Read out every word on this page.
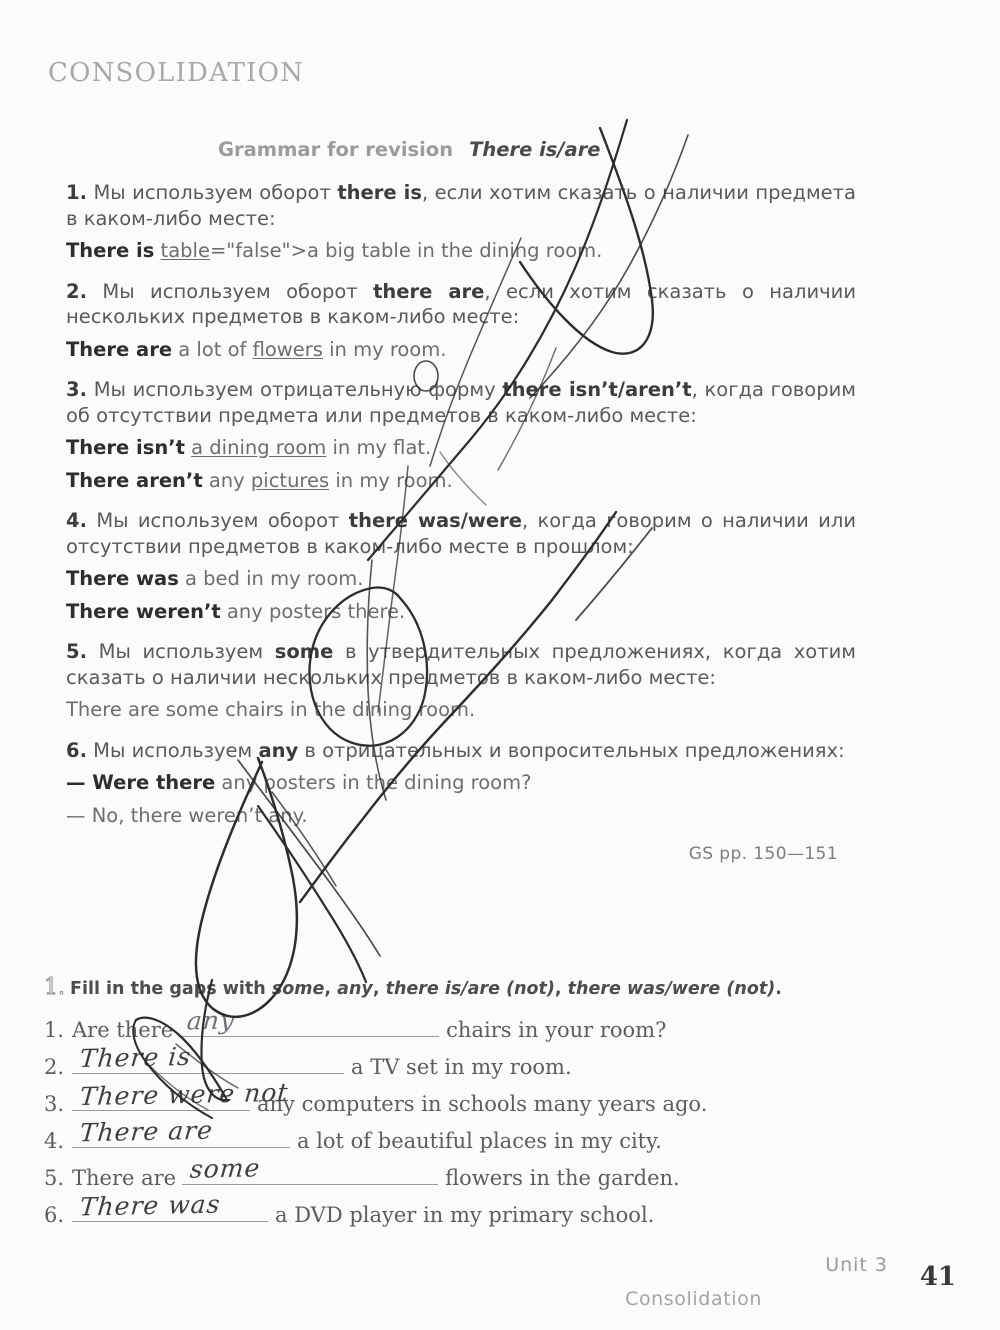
CONSOLIDATION
Grammar for revision There is/are

1. Мы используем оборот there is, если хотим сказать о наличии предмета в каком-либо месте:

There is table="false">a big table in the dining room.

2. Мы используем оборот there are, если хотим сказать о наличии нескольких предметов в каком-либо месте:

There are a lot of flowers in my room.

3. Мы используем отрицательную форму there isn’t/aren’t, когда говорим об отсутствии предмета или предметов в каком-либо месте:

There isn’t a dining room in my flat.

There aren’t any pictures in my room.

4. Мы используем оборот there was/were, когда говорим о наличии или отсутствии предметов в каком-либо месте в прошлом:

There was a bed in my room.

There weren’t any posters there.

5. Мы используем some в утвердительных предложениях, когда хотим сказать о наличии нескольких предметов в каком-либо месте:

There are some chairs in the dining room.

6. Мы используем any в отрицательных и вопросительных предложениях:

— Were there any posters in the dining room?

— No, there weren’t any.

GS pp. 150—151
1. Fill in the gaps with some, any, there is/are (not), there was/were (not).
1. Are there any	chairs in your room?
2. There is	a TV set in my room.
3. There were not
any computers in schools many years ago.
4. There are	a lot of beautiful places in my city.
5. There are some	flowers in the garden.
6. There was	a DVD player in my primary school.
Unit 3
Consolidation
41
